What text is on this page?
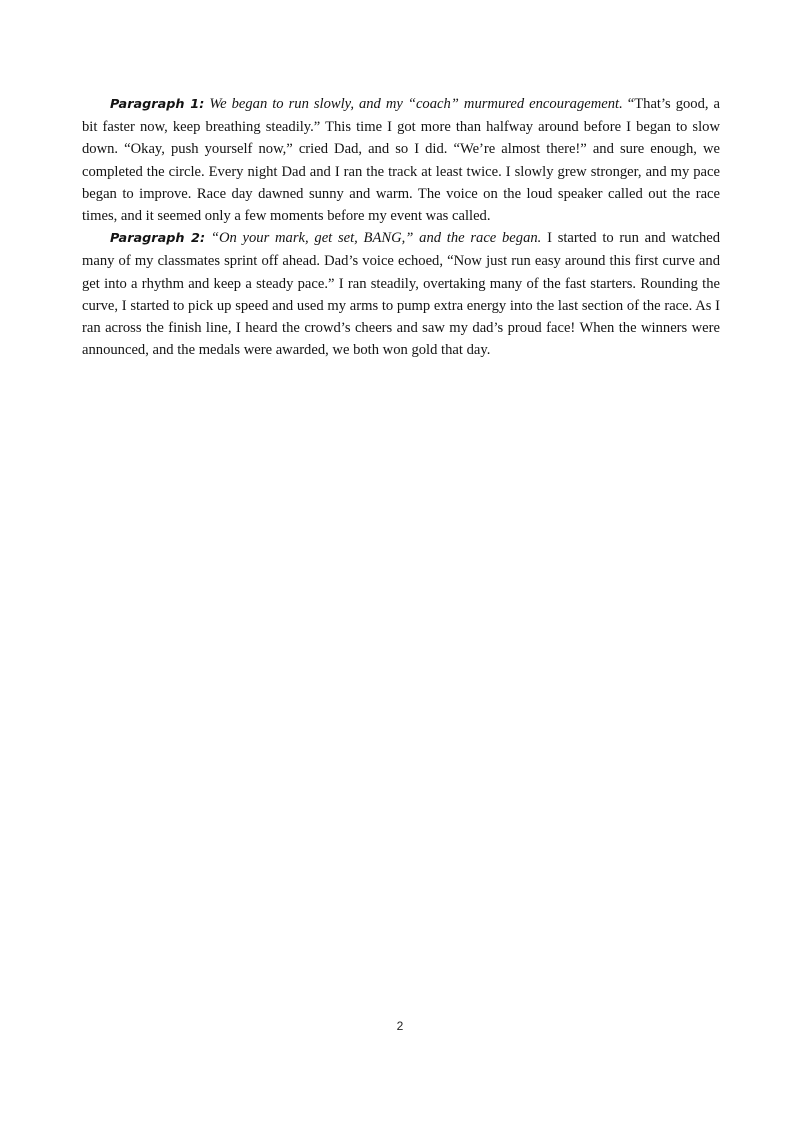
Paragraph 1: We began to run slowly, and my “coach” murmured encouragement. “That’s good, a bit faster now, keep breathing steadily.” This time I got more than halfway around before I began to slow down. “Okay, push yourself now,” cried Dad, and so I did. “We’re almost there!” and sure enough, we completed the circle. Every night Dad and I ran the track at least twice. I slowly grew stronger, and my pace began to improve. Race day dawned sunny and warm. The voice on the loud speaker called out the race times, and it seemed only a few moments before my event was called.

Paragraph 2: “On your mark, get set, BANG,” and the race began. I started to run and watched many of my classmates sprint off ahead. Dad’s voice echoed, “Now just run easy around this first curve and get into a rhythm and keep a steady pace.” I ran steadily, overtaking many of the fast starters. Rounding the curve, I started to pick up speed and used my arms to pump extra energy into the last section of the race. As I ran across the finish line, I heard the crowd’s cheers and saw my dad’s proud face! When the winners were announced, and the medals were awarded, we both won gold that day.

2
